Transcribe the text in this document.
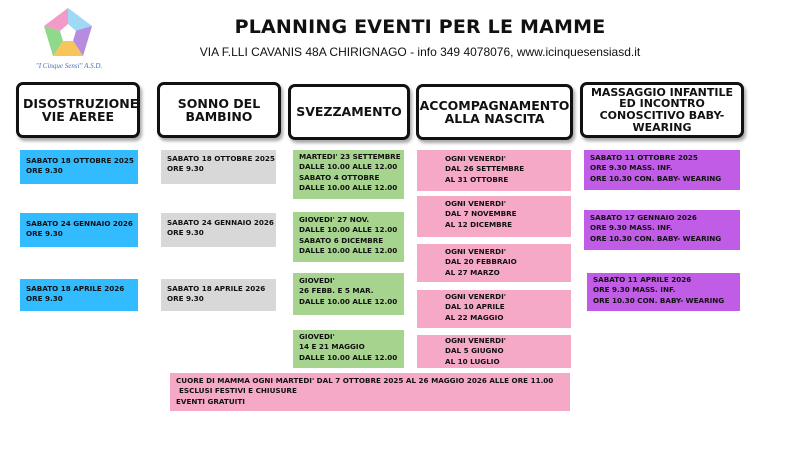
"I Cinque Sensi" A.S.D.
PLANNING EVENTI PER LE MAMME
VIA F.LLI CAVANIS 48A CHIRIGNAGO - info 349 4078076, www.icinquesensiasd.it
DISOSTRUZIONE VIE AEREE
SONNO DEL BAMBINO	SVEZZAMENTO ACCOMPAGNAMENTO ALLA NASCITA
MASSAGGIO INFANTILE ED INCONTRO CONOSCITIVO BABY-WEARING
SABATO 18 OTTOBRE 2025
ORE 9.30
SABATO 24 GENNAIO 2026
ORE 9.30
SABATO 18 APRILE 2026
ORE 9.30
SABATO 18 OTTOBRE 2025
ORE 9.30
SABATO 24 GENNAIO 2026
ORE 9.30
SABATO 18 APRILE 2026
ORE 9.30
MARTEDI' 23 SETTEMBRE
DALLE 10.00 ALLE 12.00
SABATO 4 OTTOBRE
DALLE 10.00 ALLE 12.00
GIOVEDI' 27 NOV.
DALLE 10.00 ALLE 12.00
SABATO 6 DICEMBRE
DALLE 10.00 ALLE 12.00
GIOVEDI'
26 FEBB. E 5 MAR.
DALLE 10.00 ALLE 12.00
GIOVEDI'
14 E 21 MAGGIO
DALLE 10.00 ALLE 12.00
OGNI VENERDI'
DAL 26 SETTEMBRE
AL 31 OTTOBRE
OGNI VENERDI'
DAL 7 NOVEMBRE
AL 12 DICEMBRE
OGNI VENERDI'
DAL 20 FEBBRAIO
AL 27 MARZO
OGNI VENERDI'
DAL 10 APRILE
AL 22 MAGGIO
OGNI VENERDI'
DAL 5 GIUGNO
AL 10 LUGLIO
SABATO 11 OTTOBRE 2025
ORE 9.30 MASS. INF.
ORE 10.30 CON. BABY- WEARING
SABATO 17 GENNAIO 2026
ORE 9.30 MASS. INF.
ORE 10.30 CON. BABY- WEARING
SABATO 11 APRILE 2026
ORE 9.30 MASS. INF.
ORE 10.30 CON. BABY- WEARING
CUORE DI MAMMA OGNI MARTEDI' DAL 7 OTTOBRE 2025 AL 26 MAGGIO 2026 ALLE ORE 11.00
ESCLUSI FESTIVI E CHIUSURE
EVENTI GRATUITI
